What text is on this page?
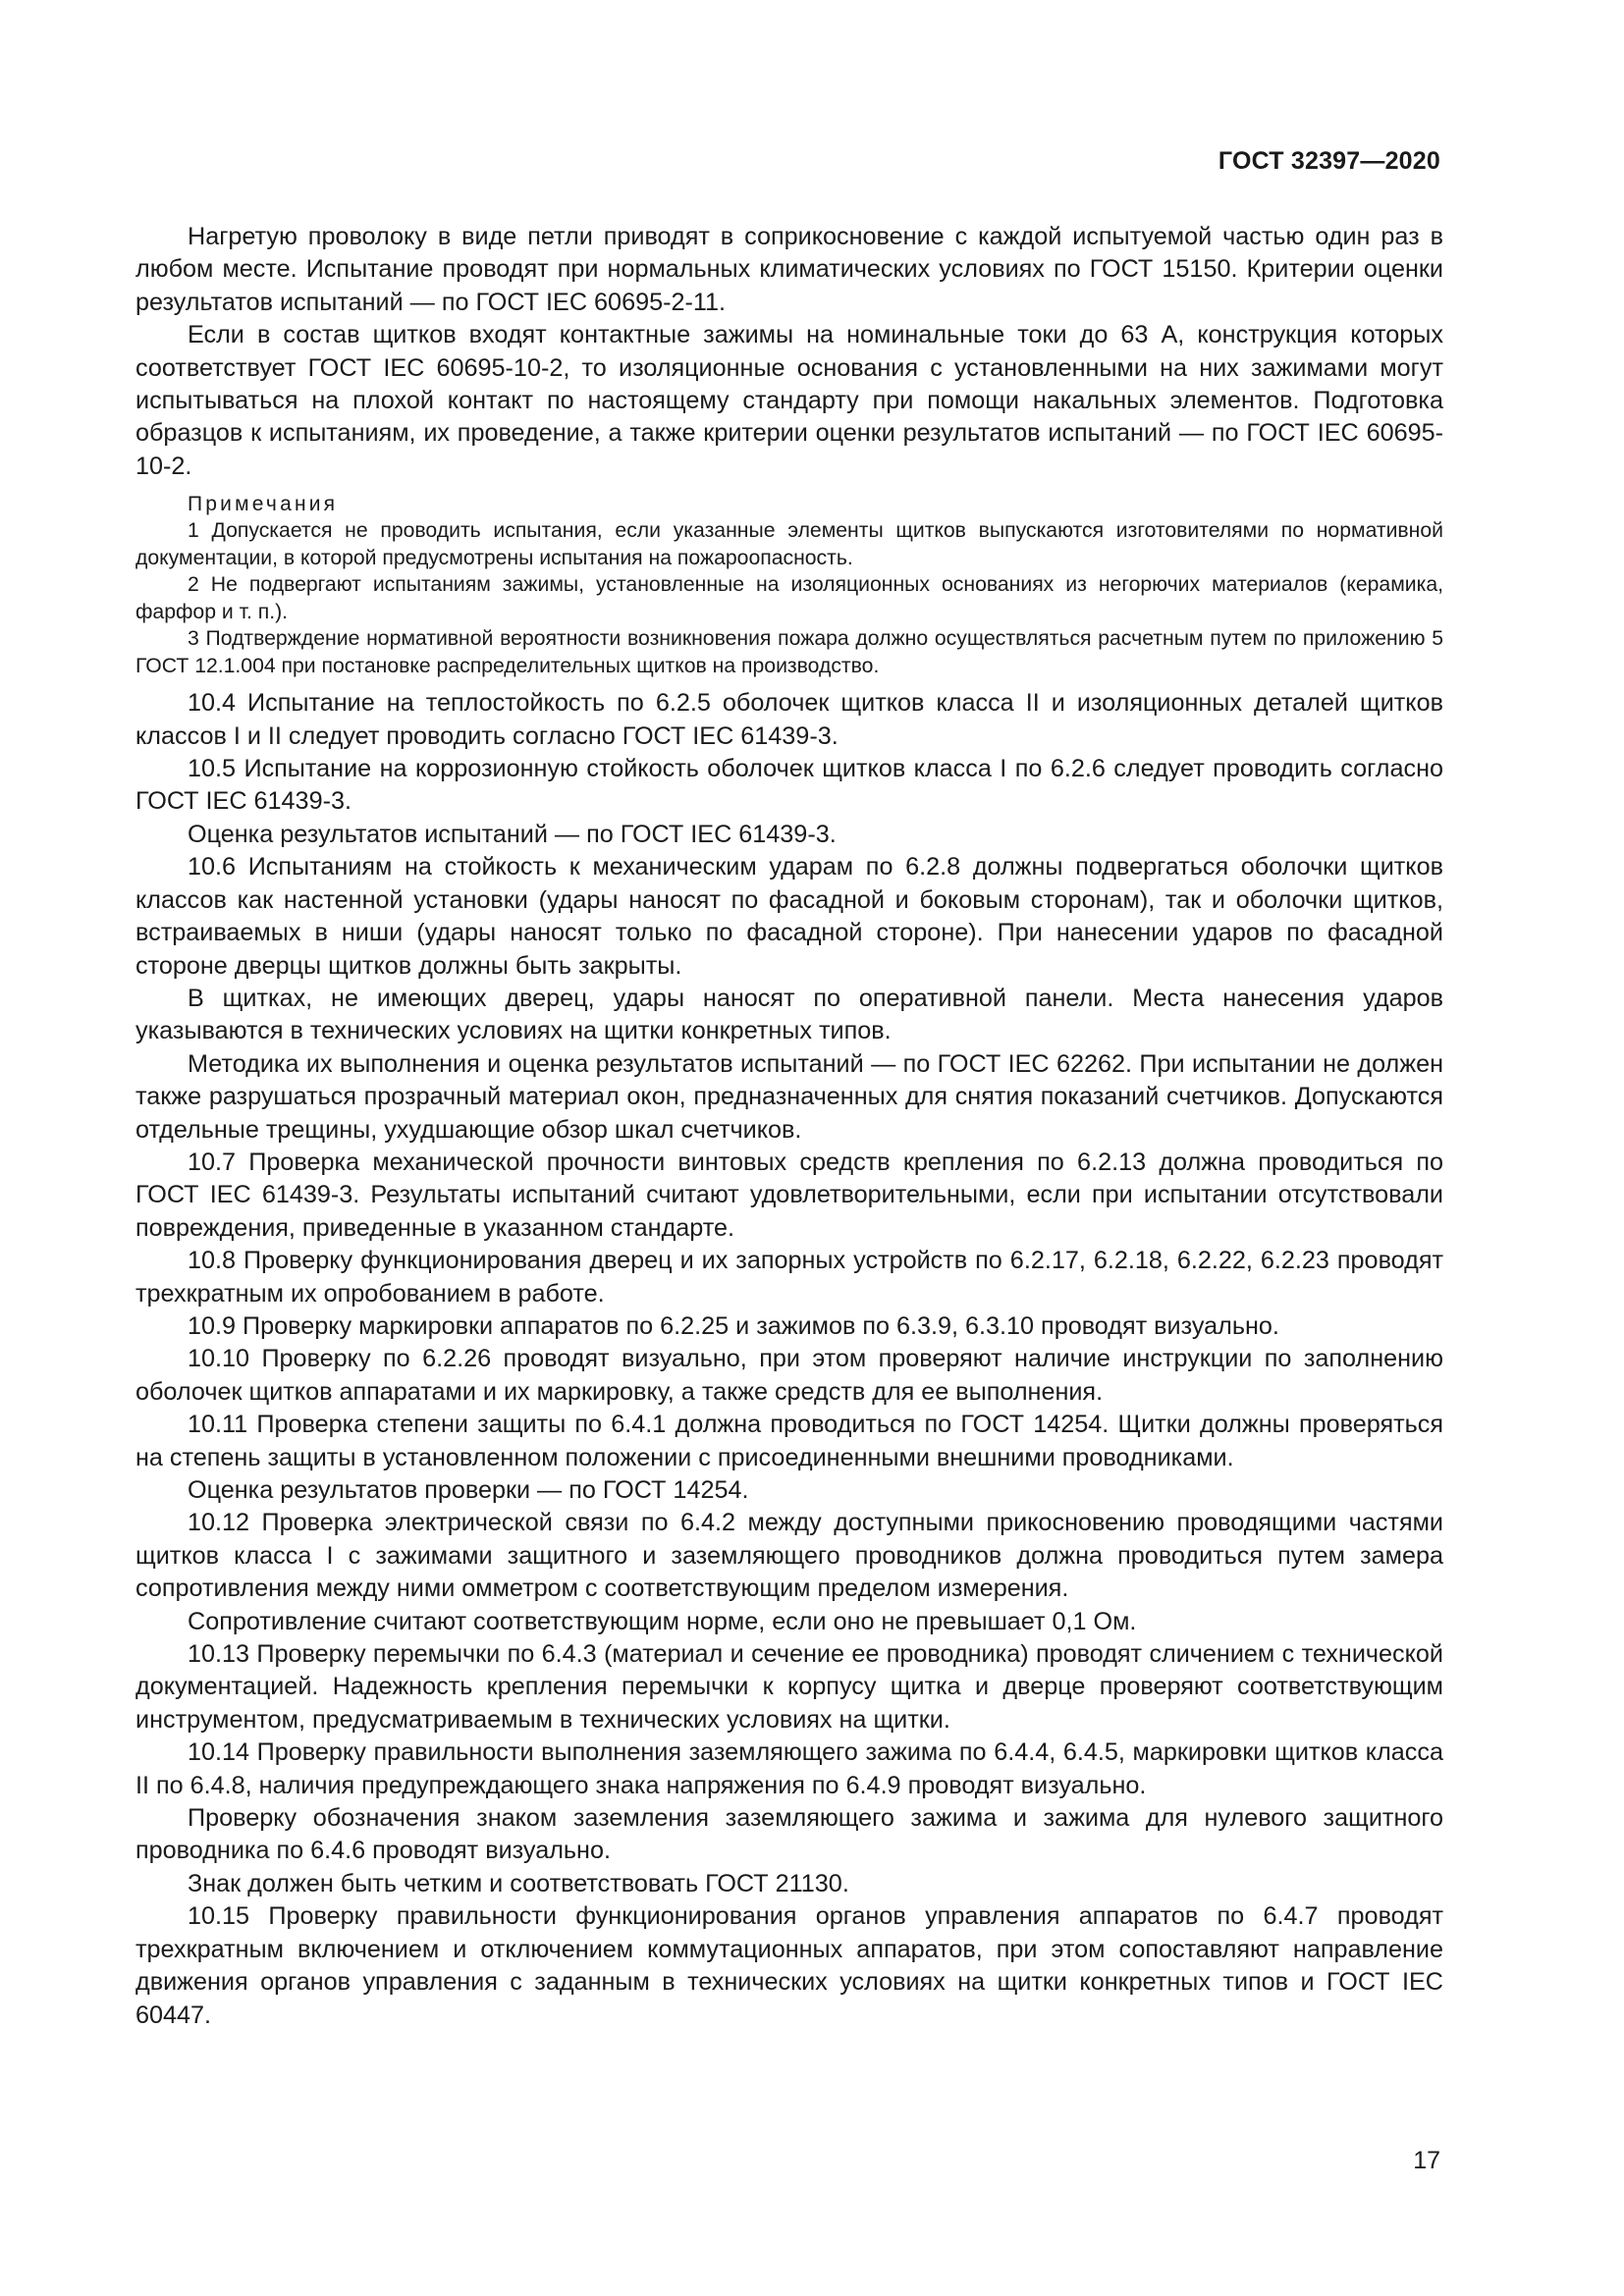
ГОСТ 32397—2020

Нагретую проволоку в виде петли приводят в соприкосновение с каждой испытуемой частью один раз в любом месте. Испытание проводят при нормальных климатических условиях по ГОСТ 15150. Критерии оценки результатов испытаний — по ГОСТ IEC 60695-2-11.

Если в состав щитков входят контактные зажимы на номинальные токи до 63 А, конструкция которых соответствует ГОСТ IEC 60695-10-2, то изоляционные основания с установленными на них зажимами могут испытываться на плохой контакт по настоящему стандарту при помощи накальных элементов. Подготовка образцов к испытаниям, их проведение, а также критерии оценки результатов испытаний — по ГОСТ IEC 60695-10-2.

Примечания

1 Допускается не проводить испытания, если указанные элементы щитков выпускаются изготовителями по нормативной документации, в которой предусмотрены испытания на пожароопасность.

2 Не подвергают испытаниям зажимы, установленные на изоляционных основаниях из негорючих материалов (керамика, фарфор и т. п.).

3 Подтверждение нормативной вероятности возникновения пожара должно осуществляться расчетным путем по приложению 5 ГОСТ 12.1.004 при постановке распределительных щитков на производство.

10.4 Испытание на теплостойкость по 6.2.5 оболочек щитков класса II и изоляционных деталей щитков классов I и II следует проводить согласно ГОСТ IEC 61439-3.

10.5 Испытание на коррозионную стойкость оболочек щитков класса I по 6.2.6 следует проводить согласно ГОСТ IEC 61439-3.

Оценка результатов испытаний — по ГОСТ IEC 61439-3.

10.6 Испытаниям на стойкость к механическим ударам по 6.2.8 должны подвергаться оболочки щитков классов как настенной установки (удары наносят по фасадной и боковым сторонам), так и оболочки щитков, встраиваемых в ниши (удары наносят только по фасадной стороне). При нанесении ударов по фасадной стороне дверцы щитков должны быть закрыты.

В щитках, не имеющих дверец, удары наносят по оперативной панели. Места нанесения ударов указываются в технических условиях на щитки конкретных типов.

Методика их выполнения и оценка результатов испытаний — по ГОСТ IEC 62262. При испытании не должен также разрушаться прозрачный материал окон, предназначенных для снятия показаний счетчиков. Допускаются отдельные трещины, ухудшающие обзор шкал счетчиков.

10.7 Проверка механической прочности винтовых средств крепления по 6.2.13 должна проводиться по ГОСТ IEC 61439-3. Результаты испытаний считают удовлетворительными, если при испытании отсутствовали повреждения, приведенные в указанном стандарте.

10.8 Проверку функционирования дверец и их запорных устройств по 6.2.17, 6.2.18, 6.2.22, 6.2.23 проводят трехкратным их опробованием в работе.

10.9 Проверку маркировки аппаратов по 6.2.25 и зажимов по 6.3.9, 6.3.10 проводят визуально.

10.10 Проверку по 6.2.26 проводят визуально, при этом проверяют наличие инструкции по заполнению оболочек щитков аппаратами и их маркировку, а также средств для ее выполнения.

10.11 Проверка степени защиты по 6.4.1 должна проводиться по ГОСТ 14254. Щитки должны проверяться на степень защиты в установленном положении с присоединенными внешними проводниками.

Оценка результатов проверки — по ГОСТ 14254.

10.12 Проверка электрической связи по 6.4.2 между доступными прикосновению проводящими частями щитков класса I с зажимами защитного и заземляющего проводников должна проводиться путем замера сопротивления между ними омметром с соответствующим пределом измерения.

Сопротивление считают соответствующим норме, если оно не превышает 0,1 Ом.

10.13 Проверку перемычки по 6.4.3 (материал и сечение ее проводника) проводят сличением с технической документацией. Надежность крепления перемычки к корпусу щитка и дверце проверяют соответствующим инструментом, предусматриваемым в технических условиях на щитки.

10.14 Проверку правильности выполнения заземляющего зажима по 6.4.4, 6.4.5, маркировки щитков класса II по 6.4.8, наличия предупреждающего знака напряжения по 6.4.9 проводят визуально.

Проверку обозначения знаком заземления заземляющего зажима и зажима для нулевого защитного проводника по 6.4.6 проводят визуально.

Знак должен быть четким и соответствовать ГОСТ 21130.

10.15 Проверку правильности функционирования органов управления аппаратов по 6.4.7 проводят трехкратным включением и отключением коммутационных аппаратов, при этом сопоставляют направление движения органов управления с заданным в технических условиях на щитки конкретных типов и ГОСТ IEC 60447.

17
